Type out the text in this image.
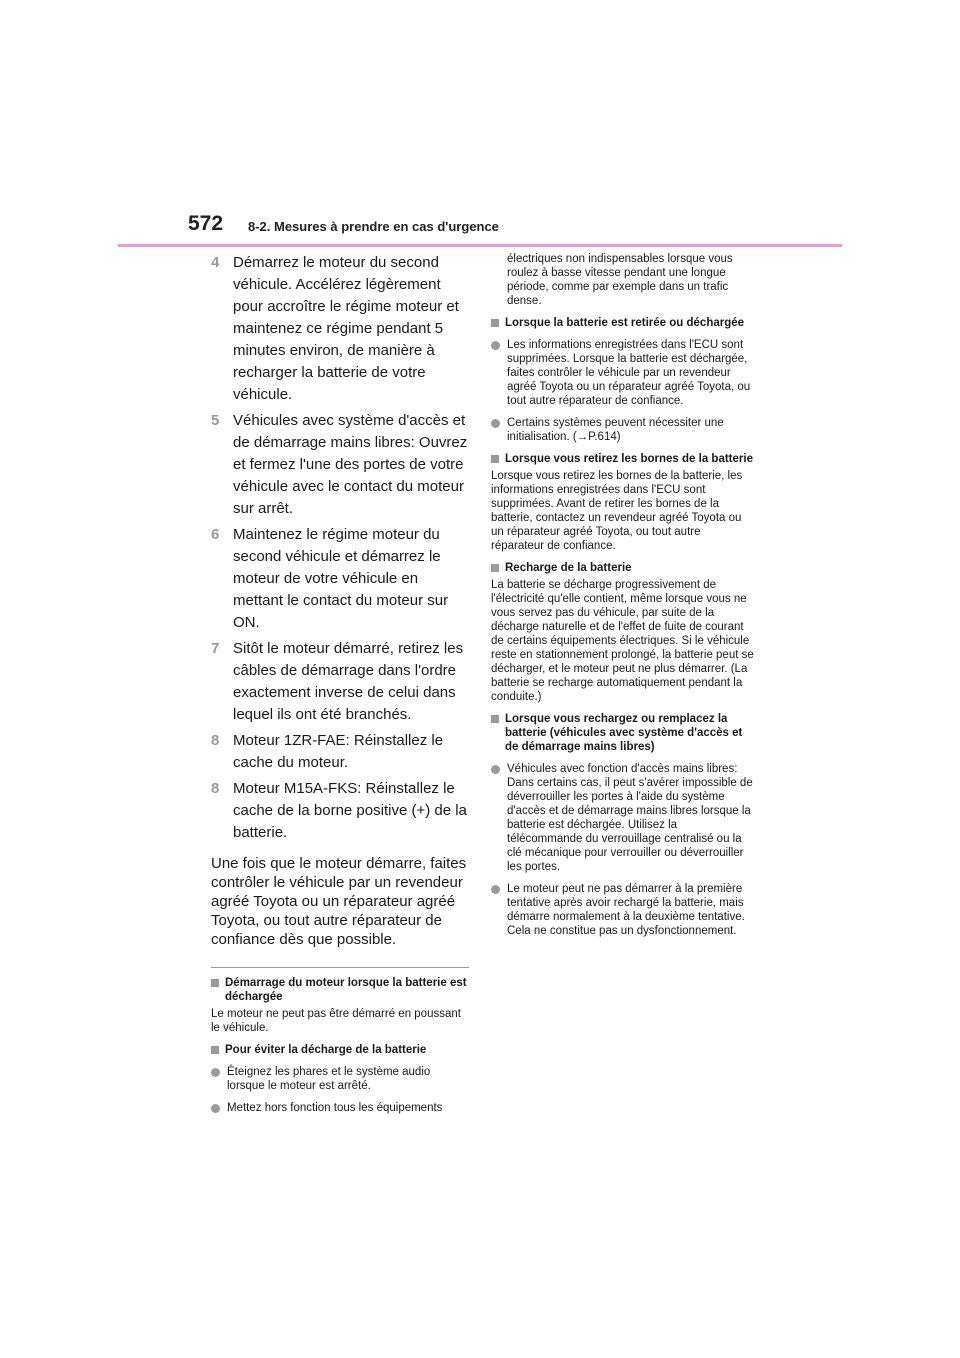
572 8-2. Mesures à prendre en cas d'urgence
4 Démarrez le moteur du second véhicule. Accélérez légèrement pour accroître le régime moteur et maintenez ce régime pendant 5 minutes environ, de manière à recharger la batterie de votre véhicule.
5 Véhicules avec système d'accès et de démarrage mains libres: Ouvrez et fermez l'une des portes de votre véhicule avec le contact du moteur sur arrêt.
6 Maintenez le régime moteur du second véhicule et démarrez le moteur de votre véhicule en mettant le contact du moteur sur ON.
7 Sitôt le moteur démarré, retirez les câbles de démarrage dans l'ordre exactement inverse de celui dans lequel ils ont été branchés.
8 Moteur 1ZR-FAE: Réinstallez le cache du moteur.
8 Moteur M15A-FKS: Réinstallez le cache de la borne positive (+) de la batterie.
Une fois que le moteur démarre, faites contrôler le véhicule par un revendeur agréé Toyota ou un réparateur agréé Toyota, ou tout autre réparateur de confiance dès que possible.
Démarrage du moteur lorsque la batterie est déchargée
Le moteur ne peut pas être démarré en poussant le véhicule.
Pour éviter la décharge de la batterie
Éteignez les phares et le système audio lorsque le moteur est arrêté.
Mettez hors fonction tous les équipements
électriques non indispensables lorsque vous roulez à basse vitesse pendant une longue période, comme par exemple dans un trafic dense.
Lorsque la batterie est retirée ou déchargée
Les informations enregistrées dans l'ECU sont supprimées. Lorsque la batterie est déchargée, faites contrôler le véhicule par un revendeur agréé Toyota ou un réparateur agréé Toyota, ou tout autre réparateur de confiance.
Certains systèmes peuvent nécessiter une initialisation. (→P.614)
Lorsque vous retirez les bornes de la batterie
Lorsque vous retirez les bornes de la batterie, les informations enregistrées dans l'ECU sont supprimées. Avant de retirer les bornes de la batterie, contactez un revendeur agréé Toyota ou un réparateur agréé Toyota, ou tout autre réparateur de confiance.
Recharge de la batterie
La batterie se décharge progressivement de l'électricité qu'elle contient, même lorsque vous ne vous servez pas du véhicule, par suite de la décharge naturelle et de l'effet de fuite de courant de certains équipements électriques. Si le véhicule reste en stationnement prolongé, la batterie peut se décharger, et le moteur peut ne plus démarrer. (La batterie se recharge automatiquement pendant la conduite.)
Lorsque vous rechargez ou remplacez la batterie (véhicules avec système d'accès et de démarrage mains libres)
Véhicules avec fonction d'accès mains libres: Dans certains cas, il peut s'avérer impossible de déverrouiller les portes à l'aide du système d'accès et de démarrage mains libres lorsque la batterie est déchargée. Utilisez la télécommande du verrouillage centralisé ou la clé mécanique pour verrouiller ou déverrouiller les portes.
Le moteur peut ne pas démarrer à la première tentative après avoir rechargé la batterie, mais démarre normalement à la deuxième tentative. Cela ne constitue pas un dysfonctionnement.
